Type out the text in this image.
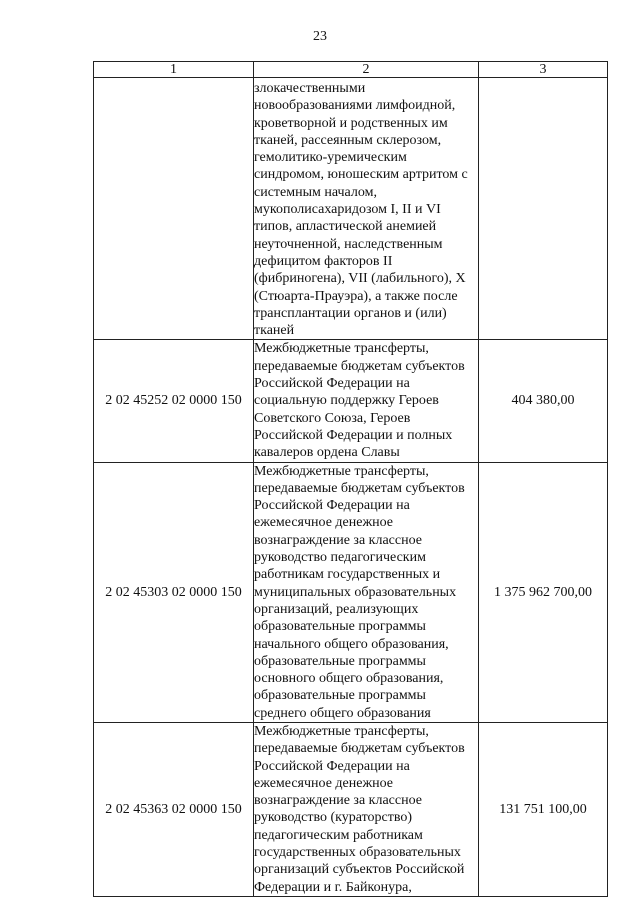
23
1	2	3
	злокачественными новообразованиями лимфоидной, кроветворной и родственных им тканей, рассеянным склерозом, гемолитико-уремическим синдромом, юношеским артритом с системным началом, мукополисахаридозом I, II и VI типов, апластической анемией неуточненной, наследственным дефицитом факторов II (фибриногена), VII (лабильного), X (Стюарта-Прауэра), а также после трансплантации органов и (или) тканей	
2 02 45252 02 0000 150	Межбюджетные трансферты, передаваемые бюджетам субъектов Российской Федерации на социальную поддержку Героев Советского Союза, Героев Российской Федерации и полных кавалеров ордена Славы	404 380,00
2 02 45303 02 0000 150	Межбюджетные трансферты, передаваемые бюджетам субъектов Российской Федерации на ежемесячное денежное вознаграждение за классное руководство педагогическим работникам государственных и муниципальных образовательных организаций, реализующих образовательные программы начального общего образования, образовательные программы основного общего образования, образовательные программы среднего общего образования	1 375 962 700,00
2 02 45363 02 0000 150	Межбюджетные трансферты, передаваемые бюджетам субъектов Российской Федерации на ежемесячное денежное вознаграждение за классное руководство (кураторство) педагогическим работникам государственных образовательных организаций субъектов Российской Федерации и г. Байконура,	131 751 100,00
